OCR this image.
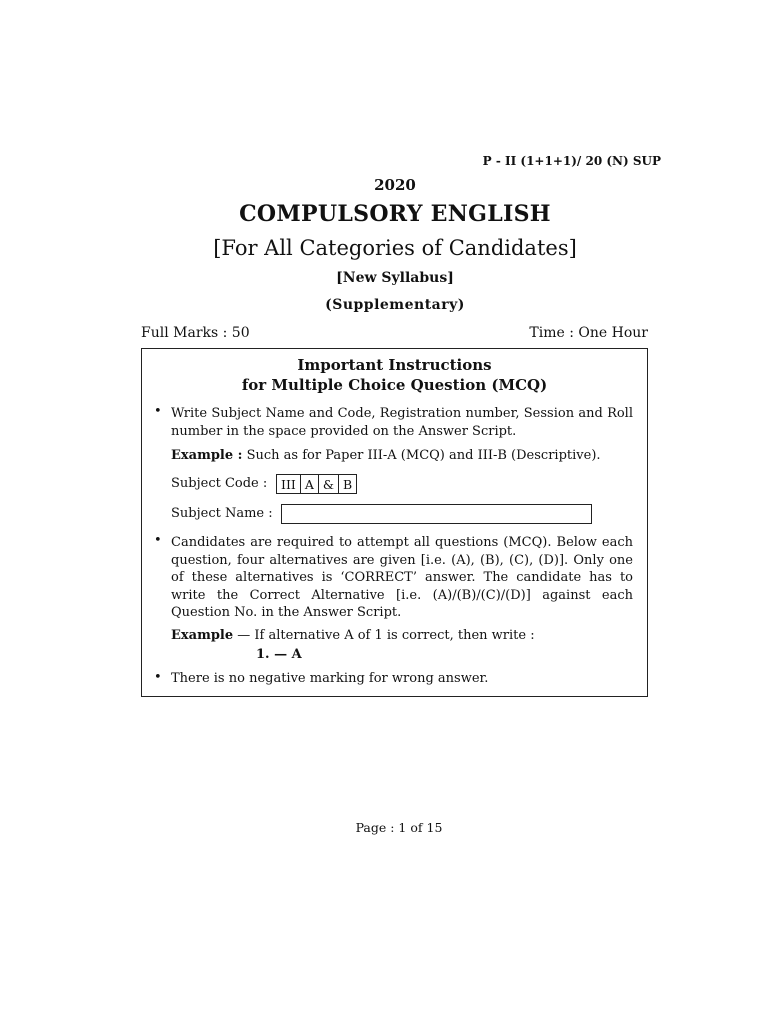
P - II (1+1+1)/ 20 (N) SUP
2020
COMPULSORY ENGLISH
[For All Categories of Candidates]
[New Syllabus]
(Supplementary)
Full Marks : 50	Time : One Hour
Important Instructions
for Multiple Choice Question (MCQ)
• Write Subject Name and Code, Registration number, Session and Roll number in the space provided on the Answer Script.
Example : Such as for Paper III-A (MCQ) and III-B (Descriptive).
Subject Code : III	A	&	B
Subject Name :
• Candidates are required to attempt all questions (MCQ). Below each question, four alternatives are given [i.e. (A), (B), (C), (D)]. Only one of these alternatives is ‘CORRECT’ answer. The candidate has to write the Correct Alternative [i.e. (A)/(B)/(C)/(D)] against each Question No. in the Answer Script.
Example — If alternative A of 1 is correct, then write :
1. — A
• There is no negative marking for wrong answer.
Page : 1 of 15
